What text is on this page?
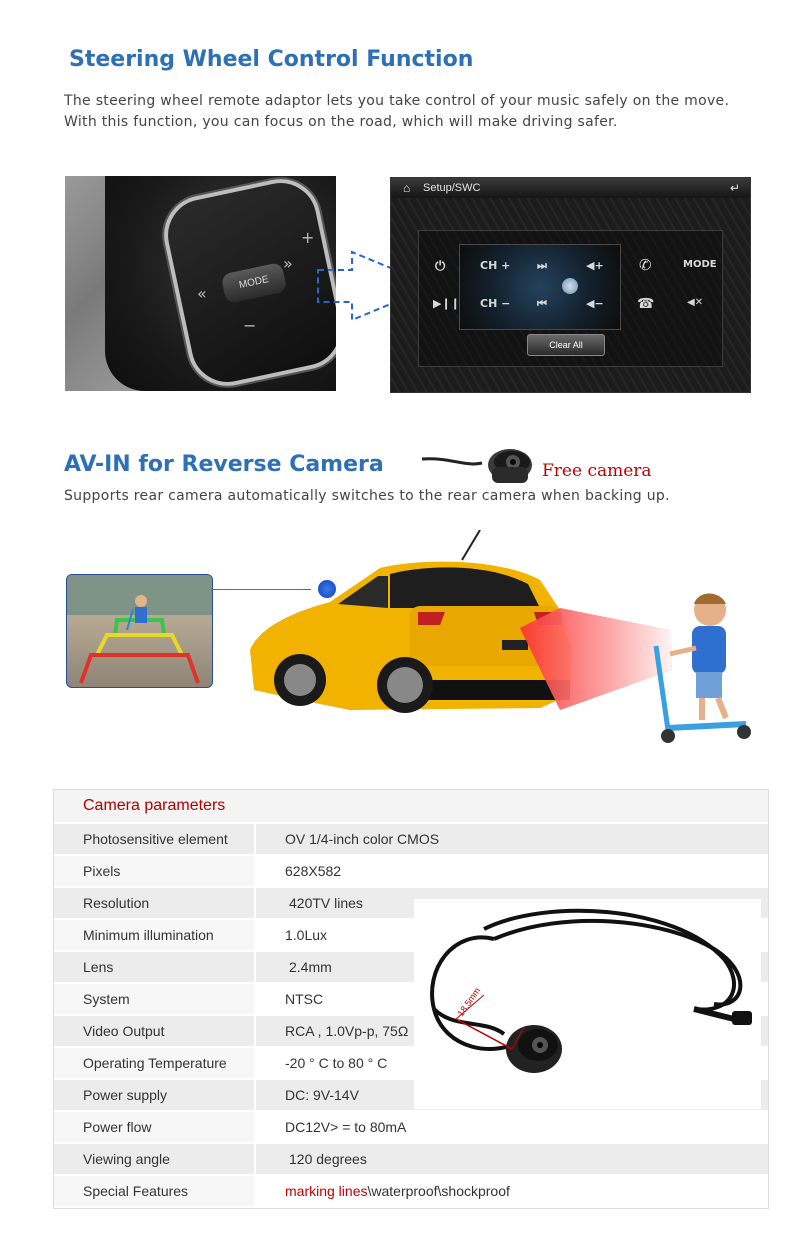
Steering Wheel Control Function
The steering wheel remote adaptor lets you take control of your music safely on the move.
With this function, you can focus on the road, which will make driving safer.
+
−
»
«
MODE
⌂ Setup/SWC	↵
⏻
▶❙❙
CH +
CH −
⏭
⏮
◀+
◀−
✆
☎
MODE
◀✕
Clear All
AV-IN for Reverse Camera	Free camera
Supports rear camera automatically switches to the rear camera when backing up.
Camera parameters
Photosensitive element	OV 1/4-inch color CMOS
Pixels	628X582
Resolution	420TV lines
Minimum illumination	1.0Lux
Lens	2.4mm
System	NTSC
Video Output	RCA , 1.0Vp-p, 75Ω
Operating Temperature	-20 ° C to 80 ° C
Power supply	DC: 9V-14V
Power flow	DC12V> = to 80mA
Viewing angle	120 degrees
Special Features	marking lines\waterproof\shockproof
18.5mm
